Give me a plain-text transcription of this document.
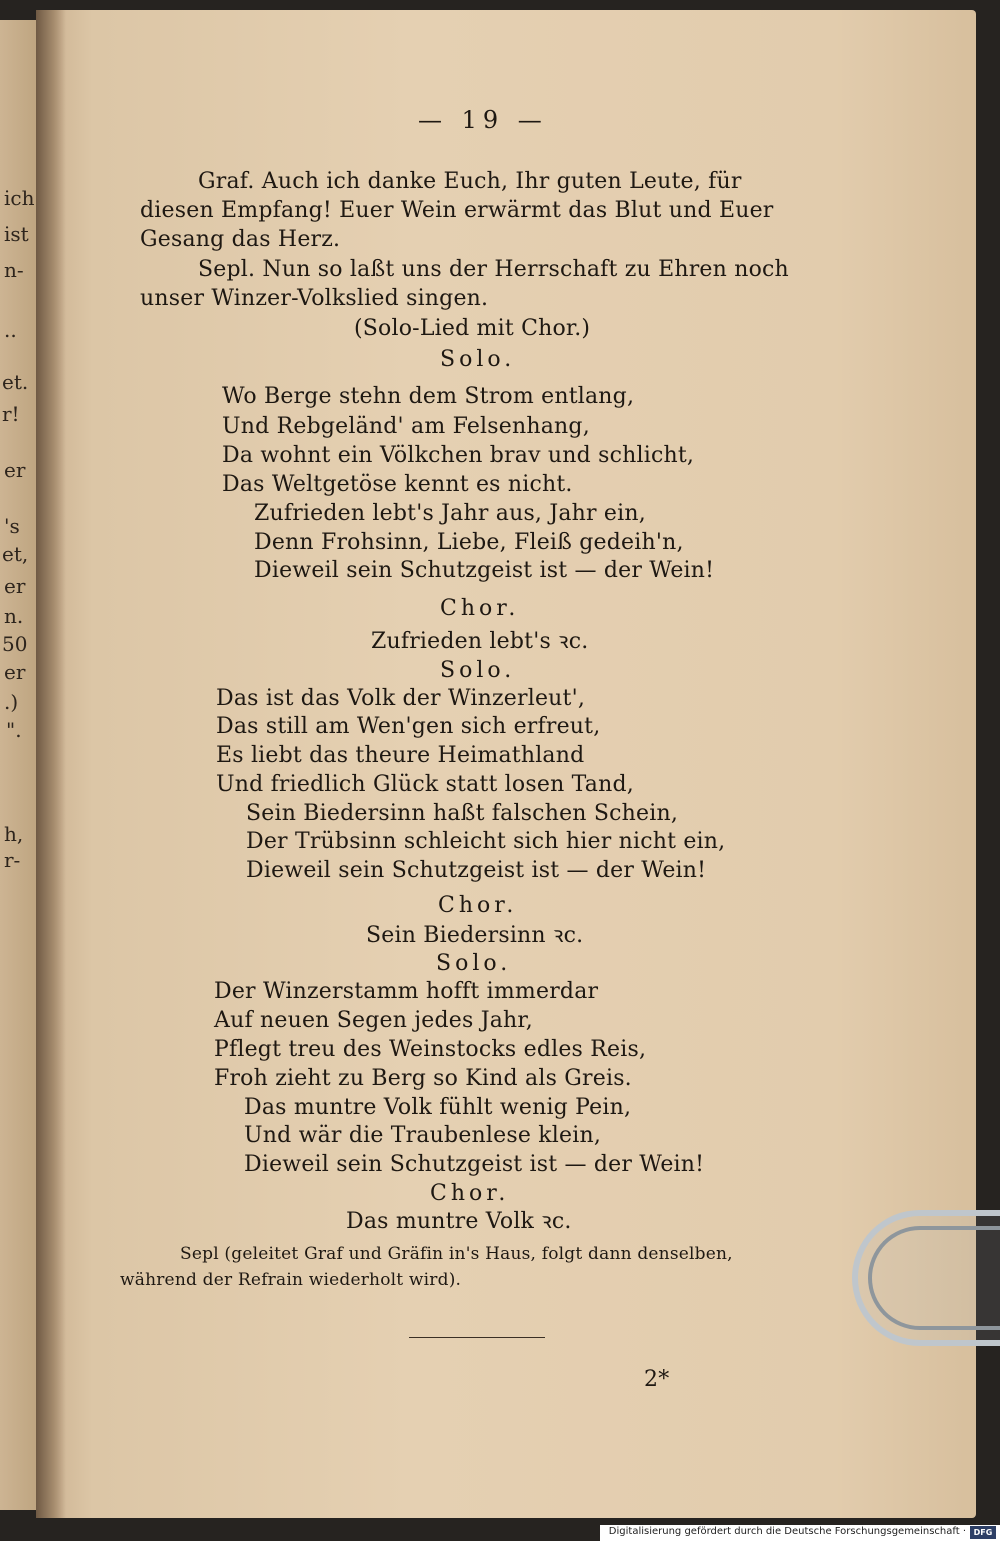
ich
ist
n-
..
et.
r!
er
's
et,
er
n.
50
er
.)
".
h,
r-
— 19 —
Graf. Auch ich danke Euch, Ihr guten Leute, für
diesen Empfang! Euer Wein erwärmt das Blut und Euer
Gesang das Herz.
Sepl. Nun so laßt uns der Herrschaft zu Ehren noch
unser Winzer-Volkslied singen.
(Solo-Lied mit Chor.)
Solo.
Wo Berge stehn dem Strom entlang,
Und Rebgeländ' am Felsenhang,
Da wohnt ein Völkchen brav und schlicht,
Das Weltgetöse kennt es nicht.
Zufrieden lebt's Jahr aus, Jahr ein,
Denn Frohsinn, Liebe, Fleiß gedeih'n,
Dieweil sein Schutzgeist ist — der Wein!
Chor.
Zufrieden lebt's ꝛc.
Solo.
Das ist das Volk der Winzerleut',
Das still am Wen'gen sich erfreut,
Es liebt das theure Heimathland
Und friedlich Glück statt losen Tand,
Sein Biedersinn haßt falschen Schein,
Der Trübsinn schleicht sich hier nicht ein,
Dieweil sein Schutzgeist ist — der Wein!
Chor.
Sein Biedersinn ꝛc.
Solo.
Der Winzerstamm hofft immerdar
Auf neuen Segen jedes Jahr,
Pflegt treu des Weinstocks edles Reis,
Froh zieht zu Berg so Kind als Greis.
Das muntre Volk fühlt wenig Pein,
Und wär die Traubenlese klein,
Dieweil sein Schutzgeist ist — der Wein!
Chor.
Das muntre Volk ꝛc.
Sepl (geleitet Graf und Gräfin in's Haus, folgt dann denselben,
während der Refrain wiederholt wird).
2*
Digitalisierung gefördert durch die Deutsche Forschungsgemeinschaft · DFG
